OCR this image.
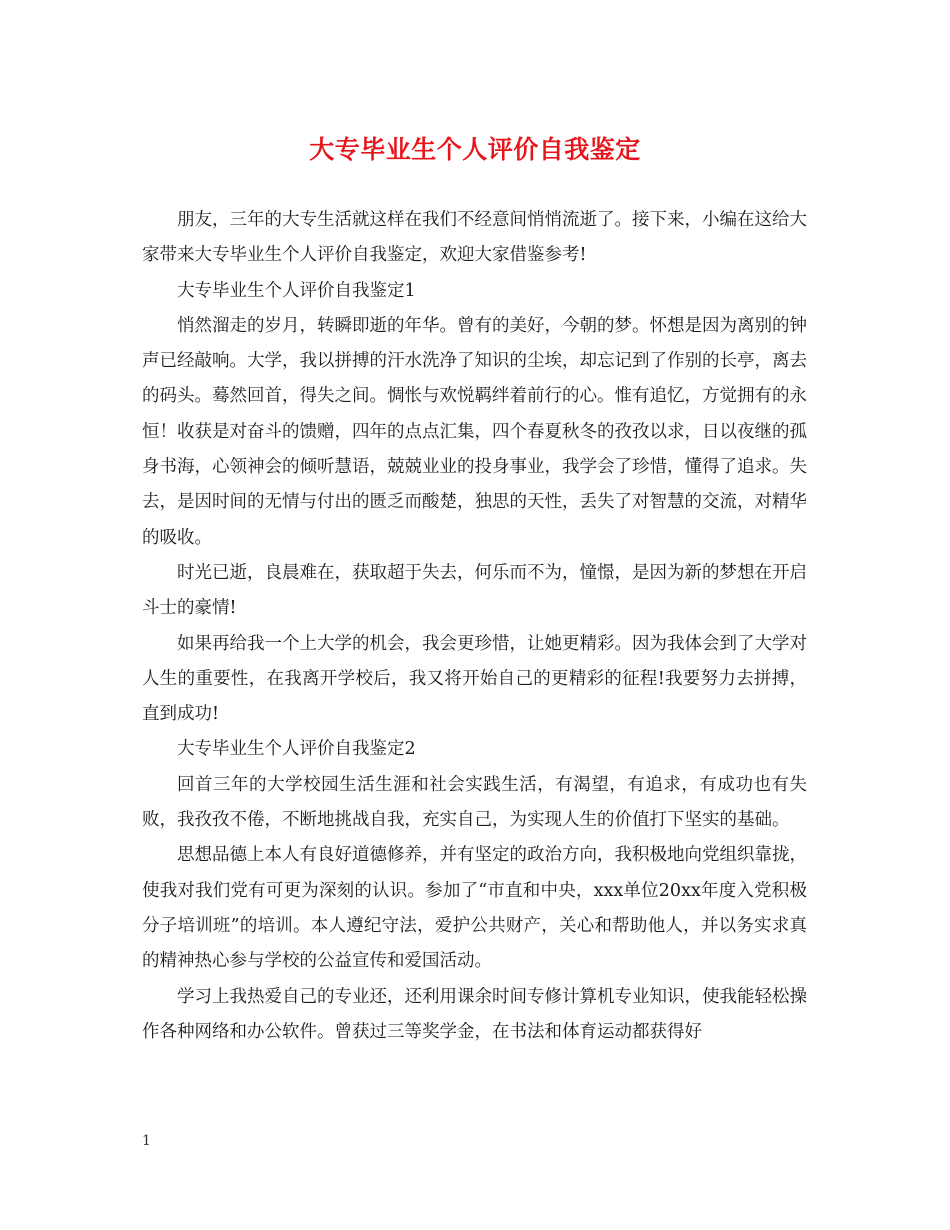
大专毕业生个人评价自我鉴定

朋友，三年的大专生活就这样在我们不经意间悄悄流逝了。接下来，小编在这给大家带来大专毕业生个人评价自我鉴定，欢迎大家借鉴参考!

大专毕业生个人评价自我鉴定1

悄然溜走的岁月，转瞬即逝的年华。曾有的美好，今朝的梦。怀想是因为离别的钟声已经敲响。大学，我以拼搏的汗水洗净了知识的尘埃，却忘记到了作别的长亭，离去的码头。蓦然回首，得失之间。惆怅与欢悦羁绊着前行的心。惟有追忆，方觉拥有的永恒！收获是对奋斗的馈赠，四年的点点汇集，四个春夏秋冬的孜孜以求，日以夜继的孤身书海，心领神会的倾听慧语，兢兢业业的投身事业，我学会了珍惜，懂得了追求。失去，是因时间的无情与付出的匮乏而酸楚，独思的天性，丢失了对智慧的交流，对精华的吸收。

时光已逝，良晨难在，获取超于失去，何乐而不为，憧憬，是因为新的梦想在开启斗士的豪情!

如果再给我一个上大学的机会，我会更珍惜，让她更精彩。因为我体会到了大学对人生的重要性，在我离开学校后，我又将开始自己的更精彩的征程!我要努力去拼搏，直到成功!

大专毕业生个人评价自我鉴定2

回首三年的大学校园生活生涯和社会实践生活，有渴望，有追求，有成功也有失败，我孜孜不倦，不断地挑战自我，充实自己，为实现人生的价值打下坚实的基础。

思想品德上本人有良好道德修养，并有坚定的政治方向，我积极地向党组织靠拢，使我对我们党有可更为深刻的认识。参加了“市直和中央，xxx单位20xx年度入党积极分子培训班”的培训。本人遵纪守法，爱护公共财产，关心和帮助他人，并以务实求真的精神热心参与学校的公益宣传和爱国活动。

学习上我热爱自己的专业还，还利用课余时间专修计算机专业知识，使我能轻松操作各种网络和办公软件。曾获过三等奖学金，在书法和体育运动都获得好

1
